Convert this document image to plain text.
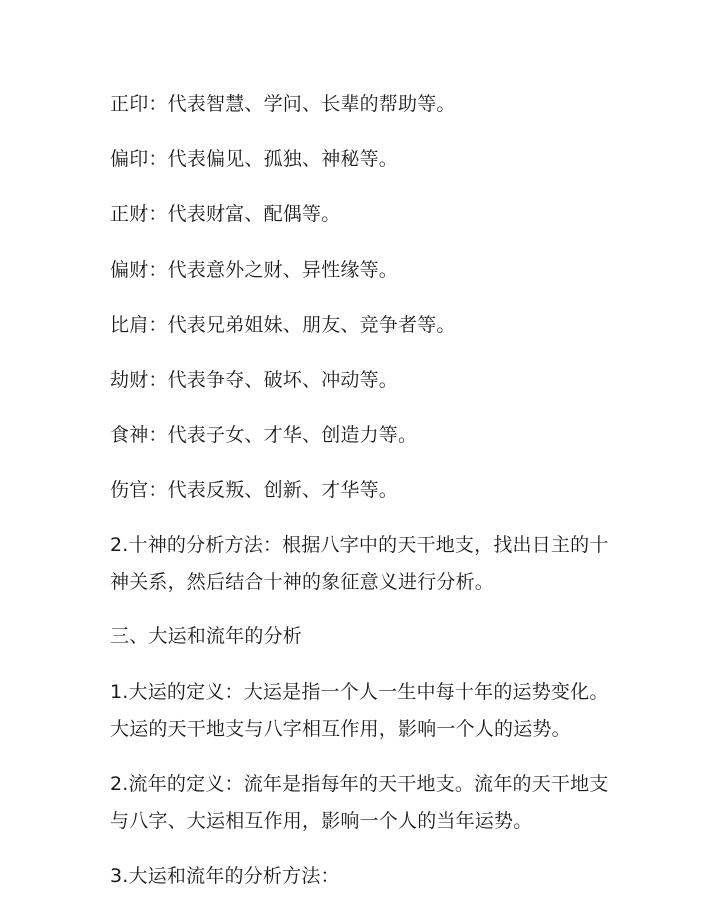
正印：代表智慧、学问、长辈的帮助等。
偏印：代表偏见、孤独、神秘等。
正财：代表财富、配偶等。
偏财：代表意外之财、异性缘等。
比肩：代表兄弟姐妹、朋友、竞争者等。
劫财：代表争夺、破坏、冲动等。
食神：代表子女、才华、创造力等。
伤官：代表反叛、创新、才华等。
2.十神的分析方法：根据八字中的天干地支，找出日主的十
神关系，然后结合十神的象征意义进行分析。
三、大运和流年的分析
1.大运的定义：大运是指一个人一生中每十年的运势变化。
大运的天干地支与八字相互作用，影响一个人的运势。
2.流年的定义：流年是指每年的天干地支。流年的天干地支
与八字、大运相互作用，影响一个人的当年运势。
3.大运和流年的分析方法：
